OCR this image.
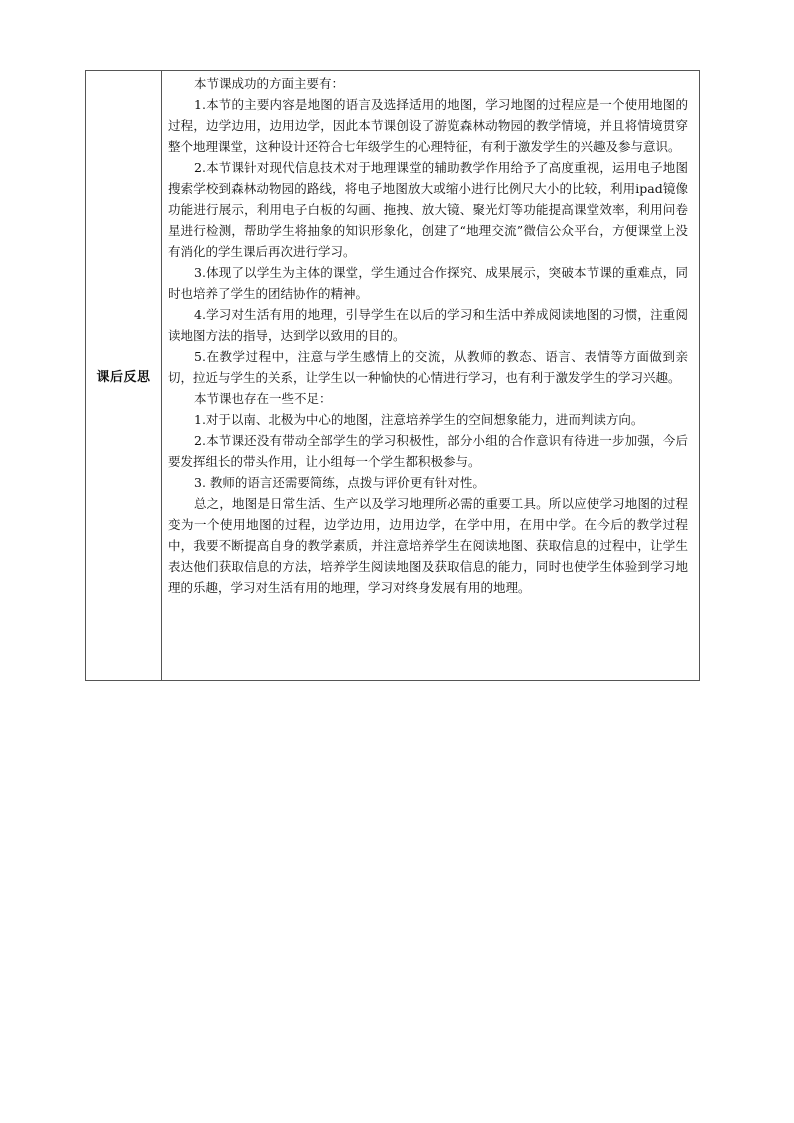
课后反思

本节课成功的方面主要有：

1.本节的主要内容是地图的语言及选择适用的地图，学习地图的过程应是一个使用地图的过程，边学边用，边用边学，因此本节课创设了游览森林动物园的教学情境，并且将情境贯穿整个地理课堂，这种设计还符合七年级学生的心理特征，有利于激发学生的兴趣及参与意识。

2.本节课针对现代信息技术对于地理课堂的辅助教学作用给予了高度重视，运用电子地图搜索学校到森林动物园的路线，将电子地图放大或缩小进行比例尺大小的比较，利用ipad镜像功能进行展示，利用电子白板的勾画、拖拽、放大镜、聚光灯等功能提高课堂效率，利用问卷星进行检测，帮助学生将抽象的知识形象化，创建了“地理交流”微信公众平台，方便课堂上没有消化的学生课后再次进行学习。

3.体现了以学生为主体的课堂，学生通过合作探究、成果展示，突破本节课的重难点，同时也培养了学生的团结协作的精神。

4.学习对生活有用的地理，引导学生在以后的学习和生活中养成阅读地图的习惯，注重阅读地图方法的指导，达到学以致用的目的。

5.在教学过程中，注意与学生感情上的交流，从教师的教态、语言、表情等方面做到亲切，拉近与学生的关系，让学生以一种愉快的心情进行学习，也有利于激发学生的学习兴趣。

本节课也存在一些不足：

1.对于以南、北极为中心的地图，注意培养学生的空间想象能力，进而判读方向。

2.本节课还没有带动全部学生的学习积极性，部分小组的合作意识有待进一步加强，今后要发挥组长的带头作用，让小组每一个学生都积极参与。

3. 教师的语言还需要简练，点拨与评价更有针对性。

总之，地图是日常生活、生产以及学习地理所必需的重要工具。所以应使学习地图的过程变为一个使用地图的过程，边学边用，边用边学，在学中用，在用中学。在今后的教学过程中，我要不断提高自身的教学素质，并注意培养学生在阅读地图、获取信息的过程中，让学生表达他们获取信息的方法，培养学生阅读地图及获取信息的能力，同时也使学生体验到学习地理的乐趣，学习对生活有用的地理，学习对终身发展有用的地理。
